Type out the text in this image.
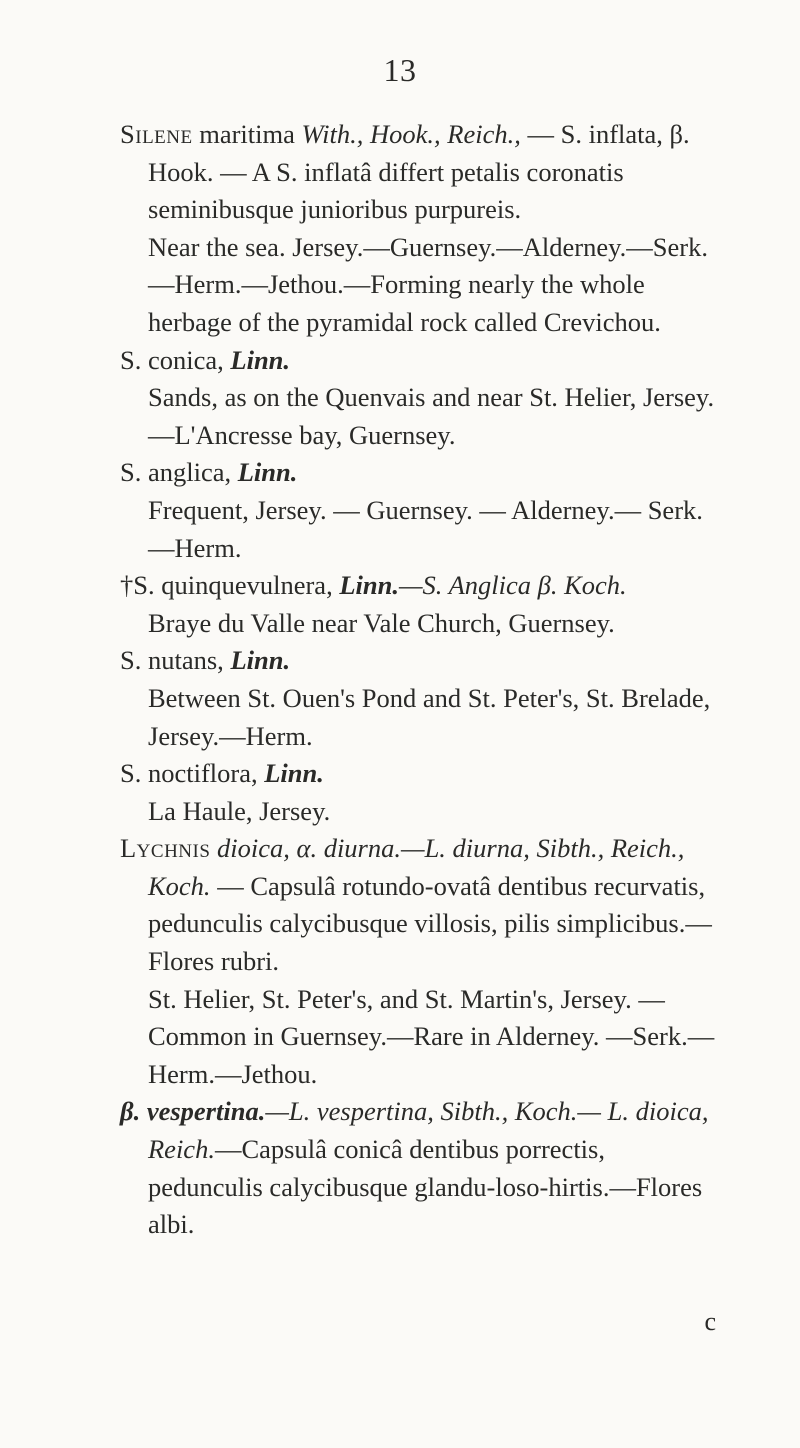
13
Silene maritima With., Hook., Reich., — S. inflata, β. Hook. — A S. inflatâ differt petalis coronatis seminibusque junioribus purpureis.
Near the sea. Jersey.—Guernsey.—Alderney.—Serk.—Herm.—Jethou.—Forming nearly the whole herbage of the pyramidal rock called Crevichou.
S. conica, Linn.
Sands, as on the Quenvais and near St. Helier, Jersey.—L'Ancresse bay, Guernsey.
S. anglica, Linn.
Frequent, Jersey. — Guernsey. — Alderney.— Serk.—Herm.
†S. quinquevulnera, Linn.—S. Anglica β. Koch.
Braye du Valle near Vale Church, Guernsey.
S. nutans, Linn.
Between St. Ouen's Pond and St. Peter's, St. Brelade, Jersey.—Herm.
S. noctiflora, Linn.
La Haule, Jersey.
Lychnis dioica, α. diurna.—L. diurna, Sibth., Reich., Koch. — Capsulâ rotundo-ovatâ dentibus recurvatis, pedunculis calycibusque villosis, pilis simplicibus.—Flores rubri.
St. Helier, St. Peter's, and St. Martin's, Jersey. —Common in Guernsey.—Rare in Alderney. —Serk.—Herm.—Jethou.
β. vespertina.—L. vespertina, Sibth., Koch.— L. dioica, Reich.—Capsulâ conicâ dentibus porrectis, pedunculis calycibusque glandu-loso-hirtis.—Flores albi.
c
